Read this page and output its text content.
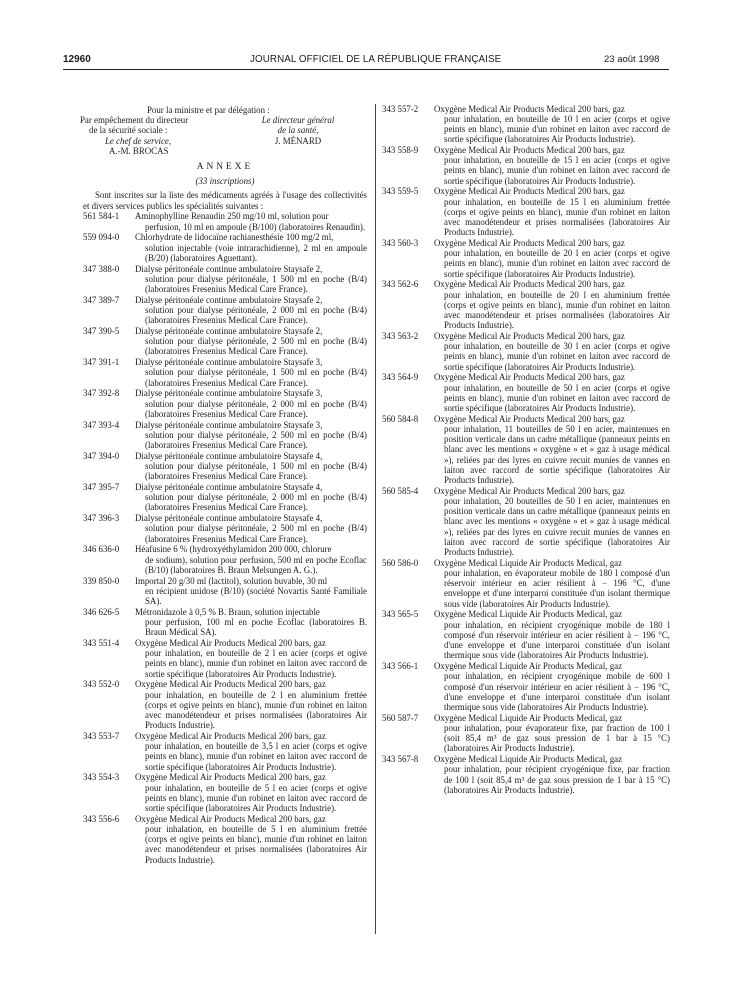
12960	JOURNAL OFFICIEL DE LA RÉPUBLIQUE FRANÇAISE	23 août 1998
Pour la ministre et par délégation :
Par empêchement du directeur	Le directeur général
de la sécurité sociale :	de la santé,
Le chef de service,	J. MÉNARD
A.-M. BROCAS
ANNEXE
(33 inscriptions)
Sont inscrites sur la liste des médicaments agréés à l'usage des collectivités et divers services publics les spécialités suivantes :
561 584-1	Aminophylline Renaudin 250 mg/10 ml, solution pour
perfusion, 10 ml en ampoule (B/100) (laboratoires Renaudin).
559 094-0	Chlorhydrate de lidocaïne rachianesthésie 100 mg/2 ml,
solution injectable (voie intrarachidienne), 2 ml en ampoule (B/20) (laboratoires Aguettant).
347 388-0	Dialyse péritonéale continue ambulatoire Staysafe 2,
solution pour dialyse péritonéale, 1 500 ml en poche (B/4) (laboratoires Fresenius Medical Care France).
347 389-7	Dialyse péritonéale continue ambulatoire Staysafe 2,
solution pour dialyse péritonéale, 2 000 ml en poche (B/4) (laboratoires Fresenius Medical Care France).
347 390-5	Dialyse péritonéale continue ambulatoire Staysafe 2,
solution pour dialyse péritonéale, 2 500 ml en poche (B/4) (laboratoires Fresenius Medical Care France).
347 391-1	Dialyse péritonéale continue ambulatoire Staysafe 3,
solution pour dialyse péritonéale, 1 500 ml en poche (B/4) (laboratoires Fresenius Medical Care France).
347 392-8	Dialyse péritonéale continue ambulatoire Staysafe 3,
solution pour dialyse péritonéale, 2 000 ml en poche (B/4) (laboratoires Fresenius Medical Care France).
347 393-4	Dialyse péritonéale continue ambulatoire Staysafe 3,
solution pour dialyse péritonéale, 2 500 ml en poche (B/4) (laboratoires Fresenius Medical Care France).
347 394-0	Dialyse péritonéale continue ambulatoire Staysafe 4,
solution pour dialyse péritonéale, 1 500 ml en poche (B/4) (laboratoires Fresenius Medical Care France).
347 395-7	Dialyse péritonéale continue ambulatoire Staysafe 4,
solution pour dialyse péritonéale, 2 000 ml en poche (B/4) (laboratoires Fresenius Medical Care France).
347 396-3	Dialyse péritonéale continue ambulatoire Staysafe 4,
solution pour dialyse péritonéale, 2 500 ml en poche (B/4) (laboratoires Fresenius Medical Care France).
346 636-0	Héafusine 6 % (hydroxyéthylamidon 200 000, chlorure
de sodium), solution pour perfusion, 500 ml en poche Ecoflac (B/10) (laboratoires B. Braun Melsungen A. G.).
339 850-0	Importal 20 g/30 ml (lactitol), solution buvable, 30 ml
en récipient unidose (B/10) (société Novartis Santé Familiale SA).
346 626-5	Métronidazole à 0,5 % B. Braun, solution injectable
pour perfusion, 100 ml en poche Ecoflac (laboratoires B. Braun Médical SA).
343 551-4	Oxygène Medical Air Products Medical 200 bars, gaz
pour inhalation, en bouteille de 2 l en acier (corps et ogive peints en blanc), munie d'un robinet en laiton avec raccord de sortie spécifique (laboratoires Air Products Industrie).
343 552-0	Oxygène Medical Air Products Medical 200 bars, gaz
pour inhalation, en bouteille de 2 l en aluminium frettée (corps et ogive peints en blanc), munie d'un robinet en laiton avec manodétendeur et prises normalisées (laboratoires Air Products Industrie).
343 553-7	Oxygène Medical Air Products Medical 200 bars, gaz
pour inhalation, en bouteille de 3,5 l en acier (corps et ogive peints en blanc), munie d'un robinet en laiton avec raccord de sortie spécifique (laboratoires Air Products Industrie).
343 554-3	Oxygène Medical Air Products Medical 200 bars, gaz
pour inhalation, en bouteille de 5 l en acier (corps et ogive peints en blanc), munie d'un robinet en laiton avec raccord de sortie spécifique (laboratoires Air Products Industrie).
343 556-6	Oxygène Medical Air Products Medical 200 bars, gaz
pour inhalation, en bouteille de 5 l en aluminium frettée (corps et ogive peints en blanc), munie d'un robinet en laiton avec manodétendeur et prises normalisées (laboratoires Air Products Industrie).
343 557-2	Oxygène Medical Air Products Medical 200 bars, gaz
pour inhalation, en bouteille de 10 l en acier (corps et ogive peints en blanc), munie d'un robinet en laiton avec raccord de sortie spécifique (laboratoires Air Products Industrie).
343 558-9	Oxygène Medical Air Products Medical 200 bars, gaz
pour inhalation, en bouteille de 15 l en acier (corps et ogive peints en blanc), munie d'un robinet en laiton avec raccord de sortie spécifique (laboratoires Air Products Industrie).
343 559-5	Oxygène Medical Air Products Medical 200 bars, gaz
pour inhalation, en bouteille de 15 l en aluminium frettée (corps et ogive peints en blanc), munie d'un robinet en laiton avec manodétendeur et prises normalisées (laboratoires Air Products Industrie).
343 560-3	Oxygène Medical Air Products Medical 200 bars, gaz
pour inhalation, en bouteille de 20 l en acier (corps et ogive peints en blanc), munie d'un robinet en laiton avec raccord de sortie spécifique (laboratoires Air Products Industrie).
343 562-6	Oxygène Medical Air Products Medical 200 bars, gaz
pour inhalation, en bouteille de 20 l en aluminium frettée (corps et ogive peints en blanc), munie d'un robinet en laiton avec manodétendeur et prises normalisées (laboratoires Air Products Industrie).
343 563-2	Oxygène Medical Air Products Medical 200 bars, gaz
pour inhalation, en bouteille de 30 l en acier (corps et ogive peints en blanc), munie d'un robinet en laiton avec raccord de sortie spécifique (laboratoires Air Products Industrie).
343 564-9	Oxygène Medical Air Products Medical 200 bars, gaz
pour inhalation, en bouteille de 50 l en acier (corps et ogive peints en blanc), munie d'un robinet en laiton avec raccord de sortie spécifique (laboratoires Air Products Industrie).
560 584-8	Oxygène Medical Air Products Medical 200 bars, gaz
pour inhalation, 11 bouteilles de 50 l en acier, maintenues en position verticale dans un cadre métallique (panneaux peints en blanc avec les mentions « oxygène » et « gaz à usage médical »), reliées par des lyres en cuivre recuit munies de vannes en laiton avec raccord de sortie spécifique (laboratoires Air Products Industrie).
560 585-4	Oxygène Medical Air Products Medical 200 bars, gaz
pour inhalation, 20 bouteilles de 50 l en acier, maintenues en position verticale dans un cadre métallique (panneaux peints en blanc avec les mentions « oxygène » et « gaz à usage médical »), reliées par des lyres en cuivre recuit munies de vannes en laiton avec raccord de sortie spécifique (laboratoires Air Products Industrie).
560 586-0	Oxygène Medical Liquide Air Products Medical, gaz
pour inhalation, en évaporateur mobile de 180 l composé d'un réservoir intérieur en acier résilient à − 196 °C, d'une enveloppe et d'une interparoi constituée d'un isolant thermique sous vide (laboratoires Air Products Industrie).
343 565-5	Oxygène Medical Liquide Air Products Medical, gaz
pour inhalation, en récipient cryogénique mobile de 180 l composé d'un réservoir intérieur en acier résilient à − 196 °C, d'une enveloppe et d'une interparoi constituée d'un isolant thermique sous vide (laboratoires Air Products Industrie).
343 566-1	Oxygène Medical Liquide Air Products Medical, gaz
pour inhalation, en récipient cryogénique mobile de 600 l composé d'un réservoir intérieur en acier résilient à − 196 °C, d'une enveloppe et d'une interparoi constituée d'un isolant thermique sous vide (laboratoires Air Products Industrie).
560 587-7	Oxygène Medical Liquide Air Products Medical, gaz
pour inhalation, pour évaporateur fixe, par fraction de 100 l (soit 85,4 m³ de gaz sous pression de 1 bar à 15 °C) (laboratoires Air Products Industrie).
343 567-8	Oxygène Medical Liquide Air Products Medical, gaz
pour inhalation, pour récipient cryogénique fixe, par fraction de 100 l (soit 85,4 m³ de gaz sous pression de 1 bar à 15 °C) (laboratoires Air Products Industrie).
